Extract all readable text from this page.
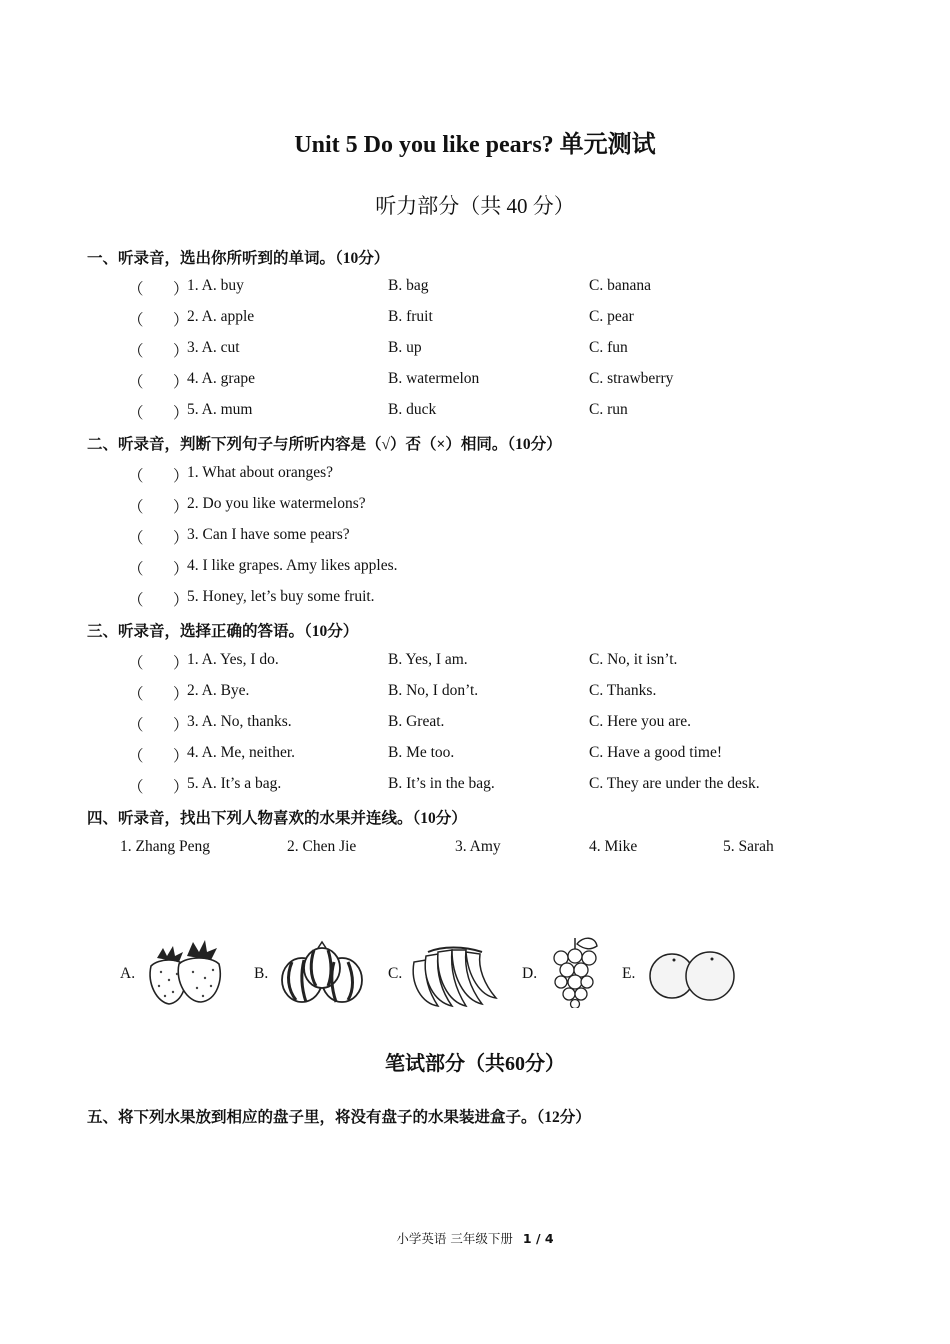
Unit 5 Do you like pears? 单元测试
听力部分（共 40 分）
一、听录音，选出你所听到的单词。（10分）
（ ）
1. A. buy	B. bag	C. banana
（ ）
2. A. apple	B. fruit	C. pear
（ ）
3. A. cut	B. up	C. fun
（ ）
4. A. grape	B. watermelon	C. strawberry
（ ）
5. A. mum	B. duck	C. run
二、听录音，判断下列句子与所听内容是（√）否（×）相同。（10分）
（ ）
1. What about oranges?
（ ）
2. Do you like watermelons?
（ ）
3. Can I have some pears?
（ ）
4. I like grapes. Amy likes apples.
（ ）
5. Honey, let’s buy some fruit.
三、听录音，选择正确的答语。（10分）
（ ）
1. A. Yes, I do.	B. Yes, I am.	C. No, it isn’t.
（ ）
2. A. Bye.	B. No, I don’t.	C. Thanks.
（ ）
3. A. No, thanks.	B. Great.	C. Here you are.
（ ）
4. A. Me, neither.	B. Me too.	C. Have a good time!
（ ）
5. A. It’s a bag.	B. It’s in the bag.	C. They are under the desk.
四、听录音，找出下列人物喜欢的水果并连线。（10分）
1. Zhang Peng	2. Chen Jie	3. Amy	4. Mike	5. Sarah
A.	B.	C.	D.	E.
笔试部分（共60分）
五、将下列水果放到相应的盘子里，将没有盘子的水果装进盒子。（12分）
小学英语 三年级下册 1 / 4
